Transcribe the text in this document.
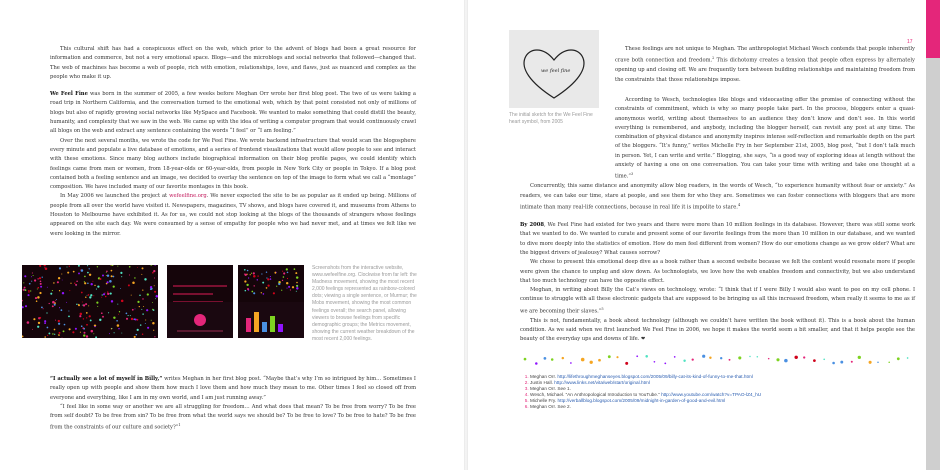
17

This cultural shift has had a conspicuous effect on the web, which prior to the advent of blogs had been a great resource for information and commerce, but not a very emotional space. Blogs—and the microblogs and social networks that followed—changed that. The web of machines has become a web of people, rich with emotion, relationships, love, and flaws, just as nuanced and complex as the people who make it up.

We Feel Fine was born in the summer of 2005, a few weeks before Meghan Orr wrote her first blog post. The two of us were taking a road trip in Northern California, and the conversation turned to the emotional web, which by that point consisted not only of millions of blogs but also of rapidly growing social networks like MySpace and Facebook. We wanted to make something that could distill the beauty, humanity, and complexity that we saw in the web. We came up with the idea of writing a computer program that would continuously crawl all blogs on the web and extract any sentence containing the words “I feel” or “I am feeling.”

Over the next several months, we wrote the code for We Feel Fine. We wrote backend infrastructure that would scan the blogosphere every minute and populate a live database of emotions, and a series of frontend visualizations that would allow people to see and interact with these emotions. Since many blog authors include biographical information on their blog profile pages, we could identify which feelings came from men or women, from 18-year-olds or 60-year-olds, from people in New York City or people in Tokyo. If a blog post contained both a feeling sentence and an image, we decided to overlay the sentence on top of the image to form what we call a “montage” composition. We have included many of our favorite montages in this book.

In May 2006 we launched the project at wefeelfine.org. We never expected the site to be as popular as it ended up being. Millions of people from all over the world have visited it. Newspapers, magazines, TV shows, and blogs have covered it, and museums from Athens to Houston to Melbourne have exhibited it. As for us, we could not stop looking at the blogs of the thousands of strangers whose feelings appeared on the site each day. We were consumed by a sense of empathy for people who we had never met, and at times we felt like we were looking in the mirror.

Screenshots from the interactive website, www.wefeelfine.org. Clockwise from far left: the Madness movement, showing the most recent 2,000 feelings represented as rainbow-colored dots; viewing a single sentence, or Murmur; the Mobs movement, showing the most common feelings overall; the search panel, allowing viewers to browse feelings from specific demographic groups; the Metrics movement, showing the current weather breakdown of the most recent 2,000 feelings.

“I actually see a lot of myself in Billy,” writes Meghan in her first blog post. “Maybe that’s why I’m so intrigued by him… Sometimes I really open up with people and show them how much I love them and how much they mean to me. Other times I feel so closed off from everyone and everything, like I am in my own world, and I am just running away.”

“I feel like in some way or another we are all struggling for freedom… And what does that mean? To be free from worry? To be free from self doubt? To be free from sin? To be free from what the world says we should be? To be free to love? To be free to hate? To be free from the constraints of our culture and society?”$^1$

we feel fine
The initial sketch for the We Feel Fine heart symbol, from 2005

These feelings are not unique to Meghan. The anthropologist Michael Wesch contends that people inherently crave both connection and freedom.$^2$ This dichotomy creates a tension that people often express by alternately opening up and closing off. We are frequently torn between building relationships and maintaining freedom from the constraints that those relationships impose.

According to Wesch, technologies like blogs and videocasting offer the promise of connecting without the constraints of commitment, which is why so many people take part. In the process, bloggers enter a quasi-anonymous world, writing about themselves to an audience they don’t know and don’t see. In this world everything is remembered, and anybody, including the blogger herself, can revisit any post at any time. The combination of physical distance and anonymity inspires intense self-reflection and remarkable depth on the part of the bloggers. “It’s funny,” writes Michelle Fry in her September 21st, 2005, blog post, “but I don’t talk much in person. Yet, I can write and write.” Blogging, she says, “is a good way of exploring ideas at length without the anxiety of having a one on one conversation. You can take your time with writing and take one thought at a time.”$^3$

Concurrently, this same distance and anonymity allow blog readers, in the words of Wesch, “to experience humanity without fear or anxiety.” As readers, we can take our time, stare at people, and see them for who they are. Sometimes we can foster connections with bloggers that are more intimate than many real-life connections, because in real life it is impolite to stare.$^4$

By 2008, We Feel Fine had existed for two years and there were more than 10 million feelings in its database. However, there was still some work that we wanted to do. We wanted to curate and present some of our favorite feelings from the more than 10 million in our database, and we wanted to dive more deeply into the statistics of emotion. How do men feel different from women? How do our emotions change as we grow older? What are the biggest drivers of jealousy? What causes sorrow?

We chose to present this emotional deep dive as a book rather than a second website because we felt the content would resonate more if people were given the chance to unplug and slow down. As technologists, we love how the web enables freedom and connectivity, but we also understand that too much technology can have the opposite effect.

Meghan, in writing about Billy the Cat’s views on technology, wrote: “I think that if I were Billy I would also want to pee on my cell phone. I continue to struggle with all these electronic gadgets that are supposed to be bringing us all this increased freedom, when really it seems to me as if we are becoming their slaves.”$^5$

This is not, fundamentally, a book about technology (although we couldn’t have written the book without it). This is a book about the human condition. As we said when we first launched We Feel Fine in 2006, we hope it makes the world seem a bit smaller, and that it helps people see the beauty of the everyday ups and downs of life. ❤

1. Meghan Orr. http://lifethroughmeghanseyes.blogspot.com/2005/09/billy-cat-its-kind-of-funny-to-me-that.html
2. Justin Hall. http://www.links.net/vita/web/start/original.html
3. Meghan Orr. See 1.
4. Wesch, Michael. “An Anthropological Introduction to YouTube.” http://www.youtube.com/watch?v=TPAO-lZ4_hU
5. Michelle Fry. http://verballblog.blogspot.com/2005/09/midnight-in-garden-of-good-and-evil.html
6. Meghan Orr. See 2.
